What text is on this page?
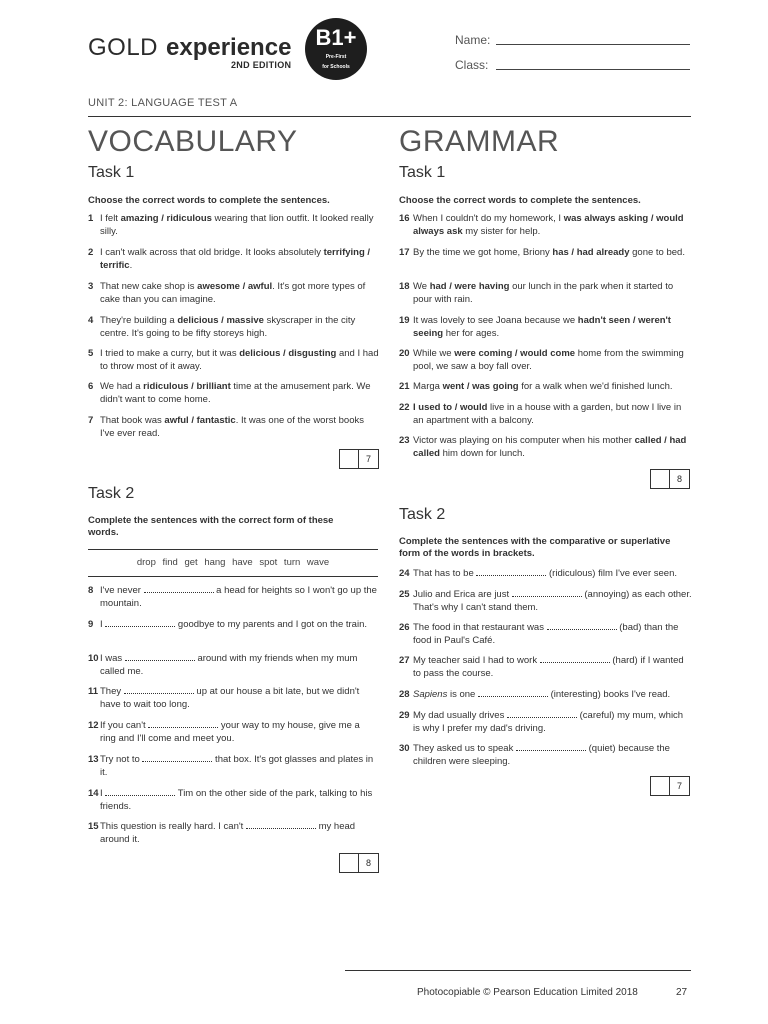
GOLD experience
2ND EDITION
B1+
Pre-First
for Schools
Name:
Class:
UNIT 2: LANGUAGE TEST A
VOCABULARY	GRAMMAR
Task 1
Choose the correct words to complete the sentences.
1 I felt amazing / ridiculous wearing that lion outfit. It looked really silly.
2 I can't walk across that old bridge. It looks absolutely terrifying / terrific.
3 That new cake shop is awesome / awful. It's got more types of cake than you can imagine.
4 They're building a delicious / massive skyscraper in the city centre. It's going to be fifty storeys high.
5 I tried to make a curry, but it was delicious / disgusting and I had to throw most of it away.
6 We had a ridiculous / brilliant time at the amusement park. We didn't want to come home.
7 That book was awful / fantastic. It was one of the worst books I've ever read.
7
Task 2
Complete the sentences with the correct form of these words.
drop find get hang have spot turn wave
8 I've never	a head for heights so I won't go up the mountain.
9 I	goodbye to my parents and I got on the train.
10 I was	around with my friends when my mum called me.
11 They	up at our house a bit late, but we didn't have to wait too long.
12 If you can't	your way to my house, give me a ring and I'll come and meet you.
13 Try not to	that box. It's got glasses and plates in it.
14 I	Tim on the other side of the park, talking to his friends.
15 This question is really hard. I can't	my head around it.
8
Task 1
Choose the correct words to complete the sentences.
16 When I couldn't do my homework, I was always asking / would always ask my sister for help.
17 By the time we got home, Briony has / had already gone to bed.
18 We had / were having our lunch in the park when it started to pour with rain.
19 It was lovely to see Joana because we hadn't seen / weren't seeing her for ages.
20 While we were coming / would come home from the swimming pool, we saw a boy fall over.
21 Marga went / was going for a walk when we'd finished lunch.
22 I used to / would live in a house with a garden, but now I live in an apartment with a balcony.
23 Victor was playing on his computer when his mother called / had called him down for lunch.
8
Task 2
Complete the sentences with the comparative or superlative form of the words in brackets.
24 That has to be	(ridiculous) film I've ever seen.
25 Julio and Erica are just	(annoying) as each other. That's why I can't stand them.
26 The food in that restaurant was	(bad) than the food in Paul's Café.
27 My teacher said I had to work	(hard) if I wanted to pass the course.
28 Sapiens is one	(interesting) books I've read.
29 My dad usually drives	(careful) my mum, which is why I prefer my dad's driving.
30 They asked us to speak	(quiet) because the children were sleeping.
7
Photocopiable © Pearson Education Limited 2018	27
